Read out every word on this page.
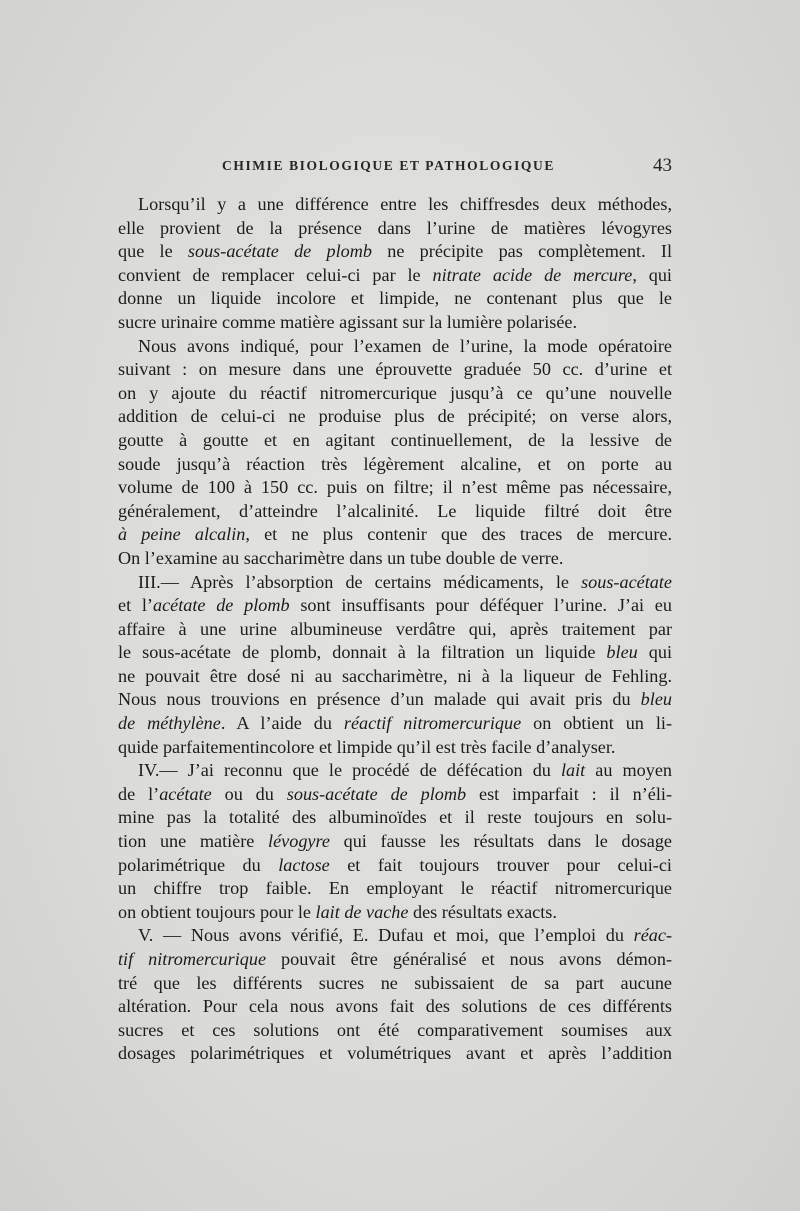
CHIMIE BIOLOGIQUE ET PATHOLOGIQUE	43
Lorsqu’il y a une différence entre les chiffresdes deux méthodes,
elle provient de la présence dans l’urine de matières lévogyres
que le sous-acétate de plomb ne précipite pas complètement. Il
convient de remplacer celui-ci par le nitrate acide de mercure, qui
donne un liquide incolore et limpide, ne contenant plus que le
sucre urinaire comme matière agissant sur la lumière polarisée.
Nous avons indiqué, pour l’examen de l’urine, la mode opératoire
suivant : on mesure dans une éprouvette graduée 50 cc. d’urine et
on y ajoute du réactif nitromercurique jusqu’à ce qu’une nouvelle
addition de celui-ci ne produise plus de précipité; on verse alors,
goutte à goutte et en agitant continuellement, de la lessive de
soude jusqu’à réaction très légèrement alcaline, et on porte au
volume de 100 à 150 cc. puis on filtre; il n’est même pas nécessaire,
généralement, d’atteindre l’alcalinité. Le liquide filtré doit être
à peine alcalin, et ne plus contenir que des traces de mercure.
On l’examine au saccharimètre dans un tube double de verre.
III.— Après l’absorption de certains médicaments, le sous-acétate
et l’acétate de plomb sont insuffisants pour déféquer l’urine. J’ai eu
affaire à une urine albumineuse verdâtre qui, après traitement par
le sous-acétate de plomb, donnait à la filtration un liquide bleu qui
ne pouvait être dosé ni au saccharimètre, ni à la liqueur de Fehling.
Nous nous trouvions en présence d’un malade qui avait pris du bleu
de méthylène. A l’aide du réactif nitromercurique on obtient un li-
quide parfaitementincolore et limpide qu’il est très facile d’analyser.
IV.— J’ai reconnu que le procédé de défécation du lait au moyen
de l’acétate ou du sous-acétate de plomb est imparfait : il n’éli-
mine pas la totalité des albuminoïdes et il reste toujours en solu-
tion une matière lévogyre qui fausse les résultats dans le dosage
polarimétrique du lactose et fait toujours trouver pour celui-ci
un chiffre trop faible. En employant le réactif nitromercurique
on obtient toujours pour le lait de vache des résultats exacts.
V. — Nous avons vérifié, E. Dufau et moi, que l’emploi du réac-
tif nitromercurique pouvait être généralisé et nous avons démon-
tré que les différents sucres ne subissaient de sa part aucune
altération. Pour cela nous avons fait des solutions de ces différents
sucres et ces solutions ont été comparativement soumises aux
dosages polarimétriques et volumétriques avant et après l’addition
